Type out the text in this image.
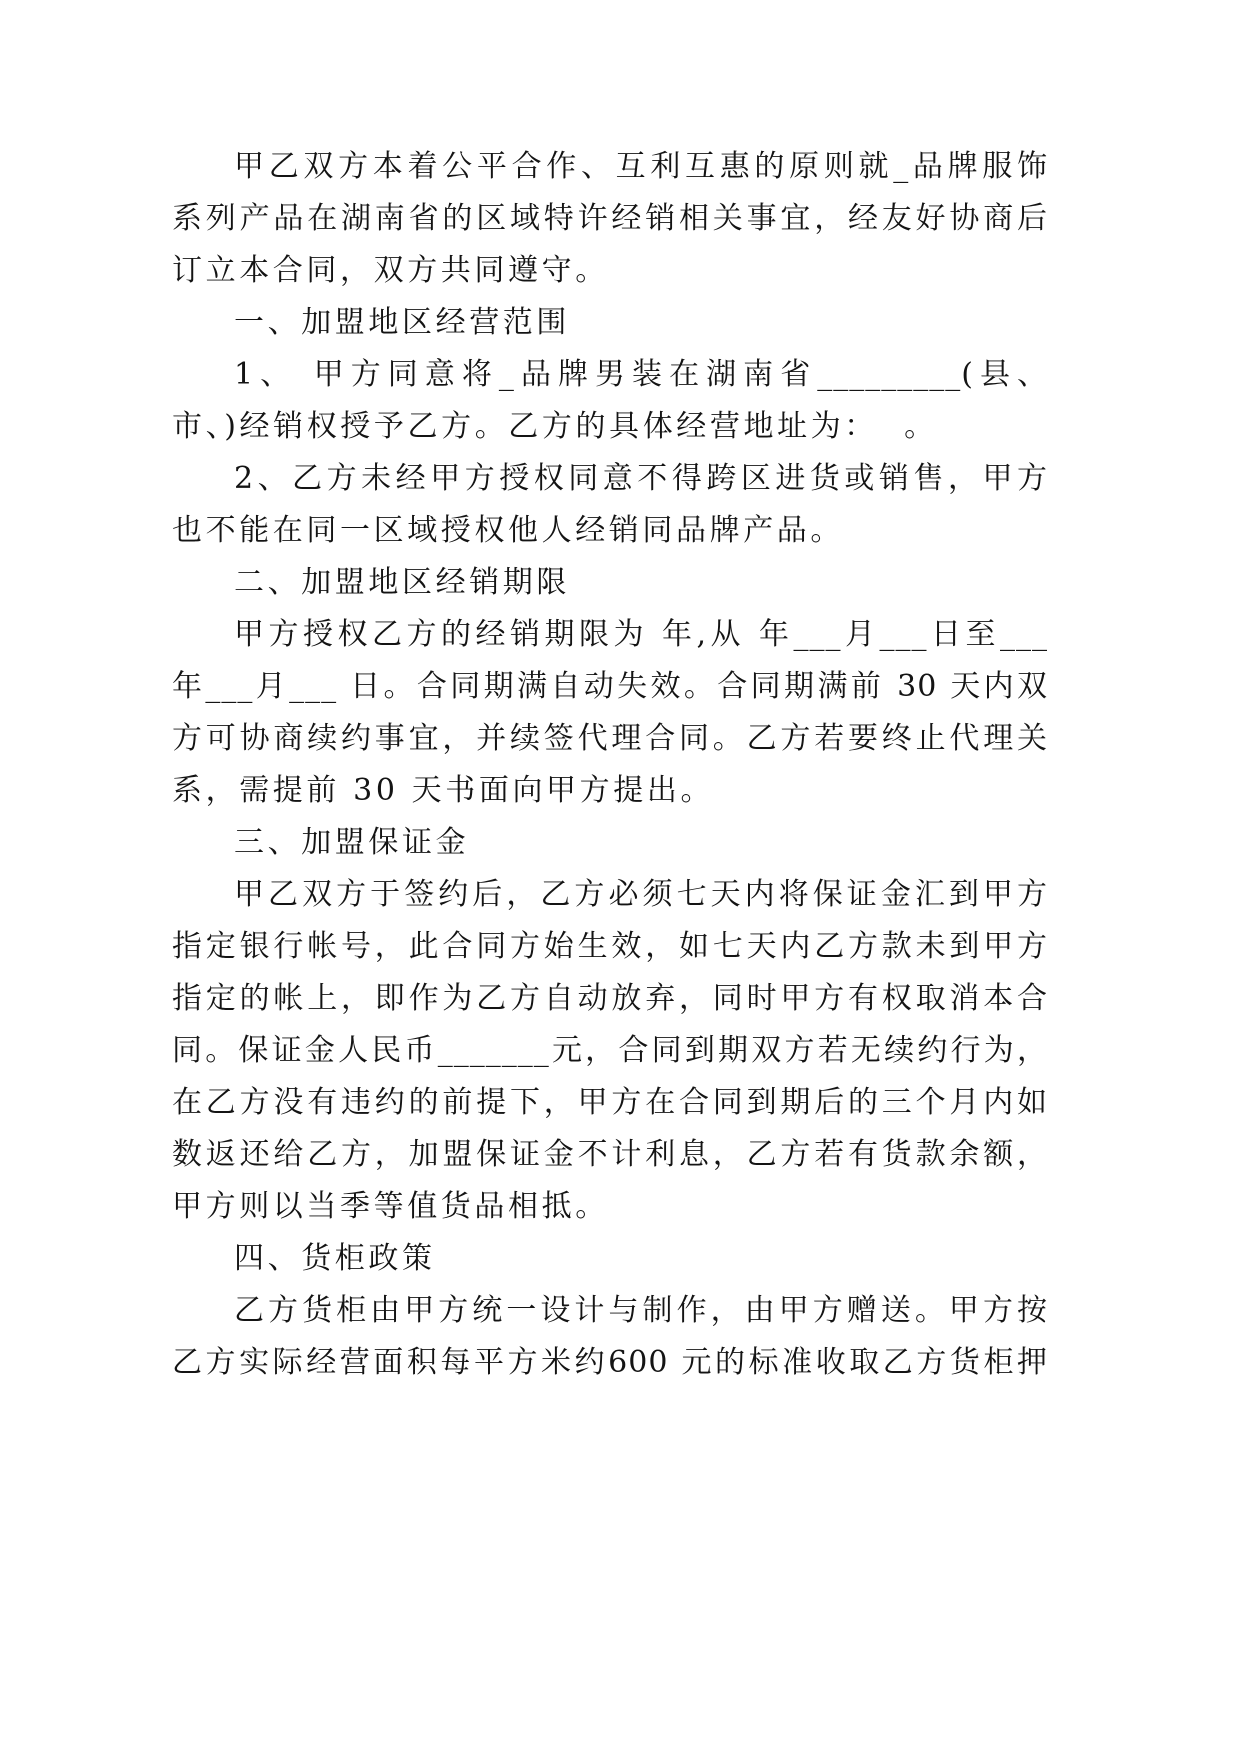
甲乙双方本着公平合作、互利互惠的原则就_品牌服饰
系列产品在湖南省的区域特许经销相关事宜，经友好协商后
订立本合同，双方共同遵守。
一、加盟地区经营范围
1、 甲方同意将_品牌男装在湖南省_________(县、
市、)经销权授予乙方。乙方的具体经营地址为：  。
2、乙方未经甲方授权同意不得跨区进货或销售，甲方
也不能在同一区域授权他人经销同品牌产品。
二、加盟地区经销期限
甲方授权乙方的经销期限为 年,从 年___月___日至___
年___月___ 日。合同期满自动失效。合同期满前 30 天内双
方可协商续约事宜，并续签代理合同。乙方若要终止代理关
系，需提前 30 天书面向甲方提出。
三、加盟保证金
甲乙双方于签约后，乙方必须七天内将保证金汇到甲方
指定银行帐号，此合同方始生效，如七天内乙方款未到甲方
指定的帐上，即作为乙方自动放弃，同时甲方有权取消本合
同。保证金人民币_______元，合同到期双方若无续约行为，
在乙方没有违约的前提下，甲方在合同到期后的三个月内如
数返还给乙方，加盟保证金不计利息，乙方若有货款余额，
甲方则以当季等值货品相抵。
四、货柜政策
乙方货柜由甲方统一设计与制作，由甲方赠送。甲方按
乙方实际经营面积每平方米约600 元的标准收取乙方货柜押
